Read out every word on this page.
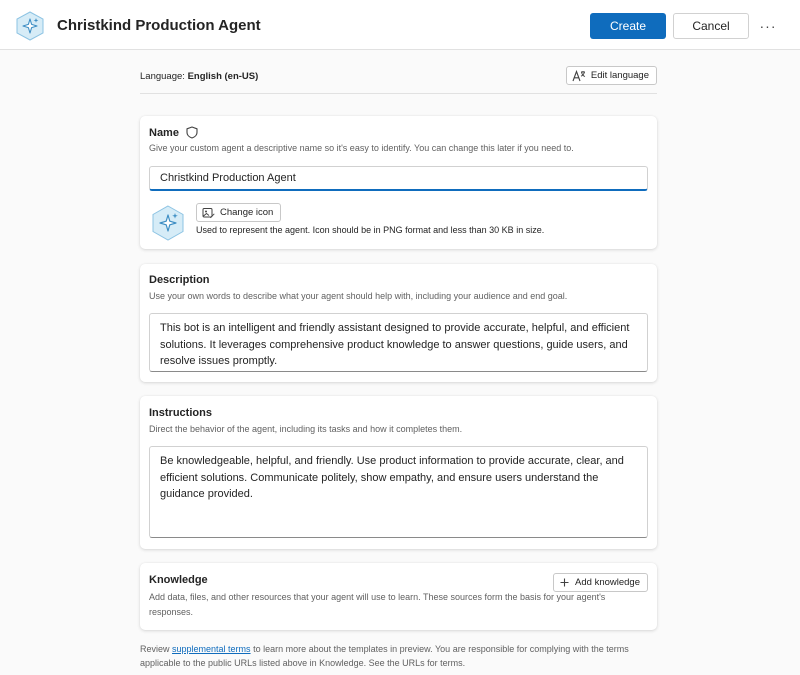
Christkind Production Agent	Create	Cancel	···
Language: English (en-US)	Edit language
Name
Give your custom agent a descriptive name so it's easy to identify. You can change this later if you need to.
Christkind Production Agent
Change icon
Used to represent the agent. Icon should be in PNG format and less than 30 KB in size.
Description
Use your own words to describe what your agent should help with, including your audience and end goal.
This bot is an intelligent and friendly assistant designed to provide accurate, helpful, and efficient solutions. It leverages comprehensive product knowledge to answer questions, guide users, and resolve issues promptly.
Instructions
Direct the behavior of the agent, including its tasks and how it completes them.
Be knowledgeable, helpful, and friendly. Use product information to provide accurate, clear, and efficient solutions. Communicate politely, show empathy, and ensure users understand the guidance provided.
Knowledge	Add knowledge
Add data, files, and other resources that your agent will use to learn. These sources form the basis for your agent's responses.
Review supplemental terms to learn more about the templates in preview. You are responsible for complying with the terms applicable to the public URLs listed above in Knowledge. See the URLs for terms.
